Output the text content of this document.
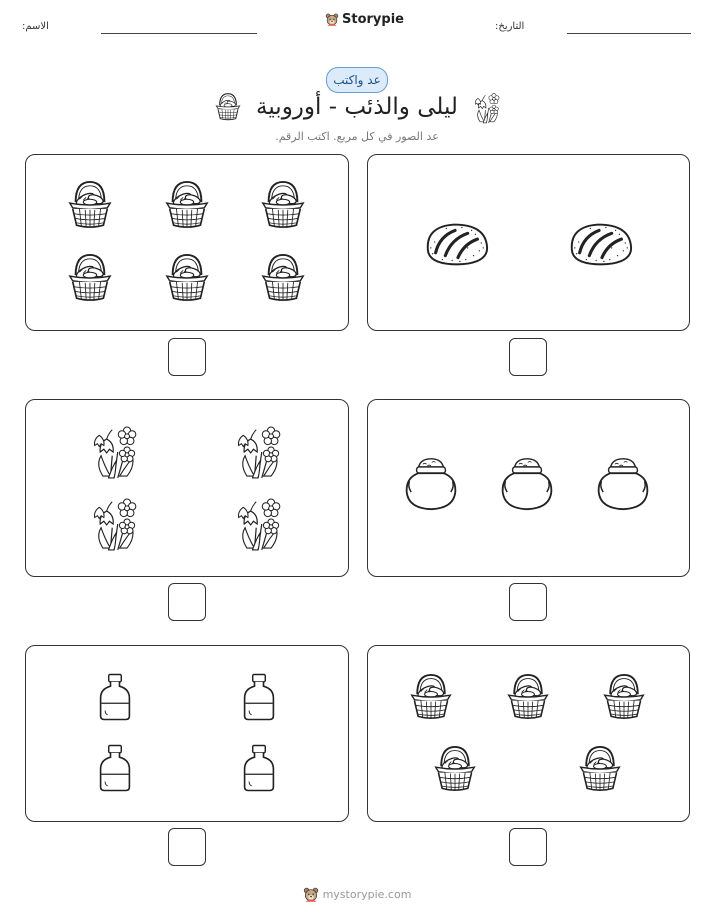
التاريخ:
الاسم:	Storypie
عد واكتب
ليلى والذئب - أوروبية
عد الصور في كل مربع. اكتب الرقم.
mystorypie.com
